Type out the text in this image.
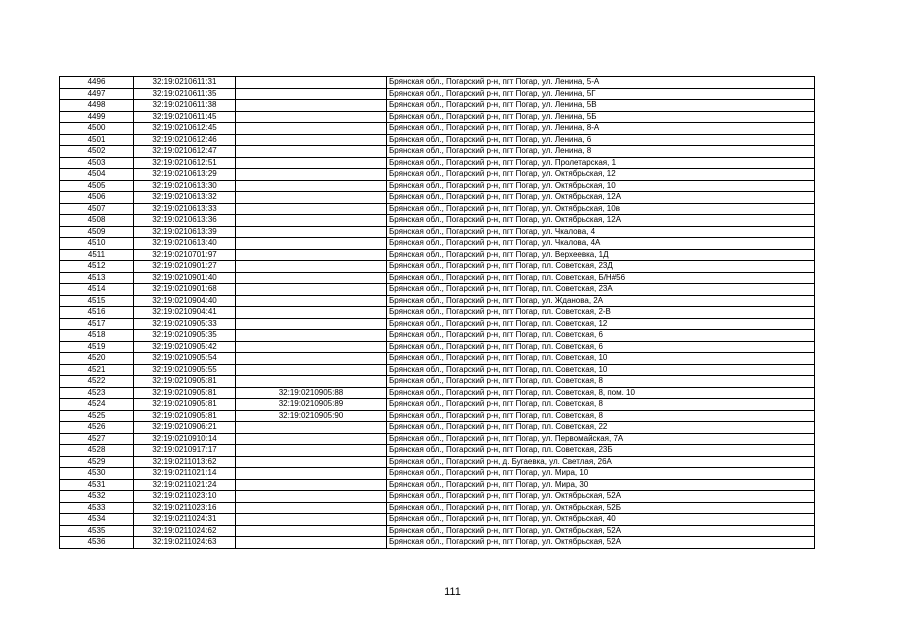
4496	32:19:0210611:31		Брянская обл., Погарский р-н, пгт Погар, ул. Ленина, 5-А
4497	32:19:0210611:35		Брянская обл., Погарский р-н, пгт Погар, ул. Ленина, 5Г
4498	32:19:0210611:38		Брянская обл., Погарский р-н, пгт Погар, ул. Ленина, 5В
4499	32:19:0210611:45		Брянская обл., Погарский р-н, пгт Погар, ул. Ленина, 5Б
4500	32:19:0210612:45		Брянская обл., Погарский р-н, пгт Погар, ул. Ленина, 8-А
4501	32:19:0210612:46		Брянская обл., Погарский р-н, пгт Погар, ул. Ленина, 6
4502	32:19:0210612:47		Брянская обл., Погарский р-н, пгт Погар, ул. Ленина, 8
4503	32:19:0210612:51		Брянская обл., Погарский р-н, пгт Погар, ул. Пролетарская, 1
4504	32:19:0210613:29		Брянская обл., Погарский р-н, пгт Погар, ул. Октябрьская, 12
4505	32:19:0210613:30		Брянская обл., Погарский р-н, пгт Погар, ул. Октябрьская, 10
4506	32:19:0210613:32		Брянская обл., Погарский р-н, пгт Погар, ул. Октябрьская, 12А
4507	32:19:0210613:33		Брянская обл., Погарский р-н, пгт Погар, ул. Октябрьская, 10в
4508	32:19:0210613:36		Брянская обл., Погарский р-н, пгт Погар, ул. Октябрьская, 12А
4509	32:19:0210613:39		Брянская обл., Погарский р-н, пгт Погар, ул. Чкалова, 4
4510	32:19:0210613:40		Брянская обл., Погарский р-н, пгт Погар, ул. Чкалова, 4А
4511	32:19:0210701:97		Брянская обл., Погарский р-н, пгт Погар, ул. Верхеевка, 1Д
4512	32:19:0210901:27		Брянская обл., Погарский р-н, пгт Погар, пл. Советская, 23Д
4513	32:19:0210901:40		Брянская обл., Погарский р-н, пгт Погар, пл. Советская, Б/Н#56
4514	32:19:0210901:68		Брянская обл., Погарский р-н, пгт Погар, пл. Советская, 23А
4515	32:19:0210904:40		Брянская обл., Погарский р-н, пгт Погар, ул. Жданова, 2А
4516	32:19:0210904:41		Брянская обл., Погарский р-н, пгт Погар, пл. Советская, 2-В
4517	32:19:0210905:33		Брянская обл., Погарский р-н, пгт Погар, пл. Советская, 12
4518	32:19:0210905:35		Брянская обл., Погарский р-н, пгт Погар, пл. Советская, 6
4519	32:19:0210905:42		Брянская обл., Погарский р-н, пгт Погар, пл. Советская, 6
4520	32:19:0210905:54		Брянская обл., Погарский р-н, пгт Погар, пл. Советская, 10
4521	32:19:0210905:55		Брянская обл., Погарский р-н, пгт Погар, пл. Советская, 10
4522	32:19:0210905:81		Брянская обл., Погарский р-н, пгт Погар, пл. Советская, 8
4523	32:19:0210905:81	32:19:0210905:88	Брянская обл., Погарский р-н, пгт Погар, пл. Советская, 8, пом. 10
4524	32:19:0210905:81	32:19:0210905:89	Брянская обл., Погарский р-н, пгт Погар, пл. Советская, 8
4525	32:19:0210905:81	32:19:0210905:90	Брянская обл., Погарский р-н, пгт Погар, пл. Советская, 8
4526	32:19:0210906:21		Брянская обл., Погарский р-н, пгт Погар, пл. Советская, 22
4527	32:19:0210910:14		Брянская обл., Погарский р-н, пгт Погар, ул. Первомайская, 7А
4528	32:19:0210917:17		Брянская обл., Погарский р-н, пгт Погар, пл. Советская, 23Б
4529	32:19:0211013:62		Брянская обл., Погарский р-н, д. Бугаевка, ул. Светлая, 26А
4530	32:19:0211021:14		Брянская обл., Погарский р-н, пгт Погар, ул. Мира, 10
4531	32:19:0211021:24		Брянская обл., Погарский р-н, пгт Погар, ул. Мира, 30
4532	32:19:0211023:10		Брянская обл., Погарский р-н, пгт Погар, ул. Октябрьская, 52А
4533	32:19:0211023:16		Брянская обл., Погарский р-н, пгт Погар, ул. Октябрьская, 52Б
4534	32:19:0211024:31		Брянская обл., Погарский р-н, пгт Погар, ул. Октябрьская, 40
4535	32:19:0211024:62		Брянская обл., Погарский р-н, пгт Погар, ул. Октябрьская, 52А
4536	32:19:0211024:63		Брянская обл., Погарский р-н, пгт Погар, ул. Октябрьская, 52А
111
